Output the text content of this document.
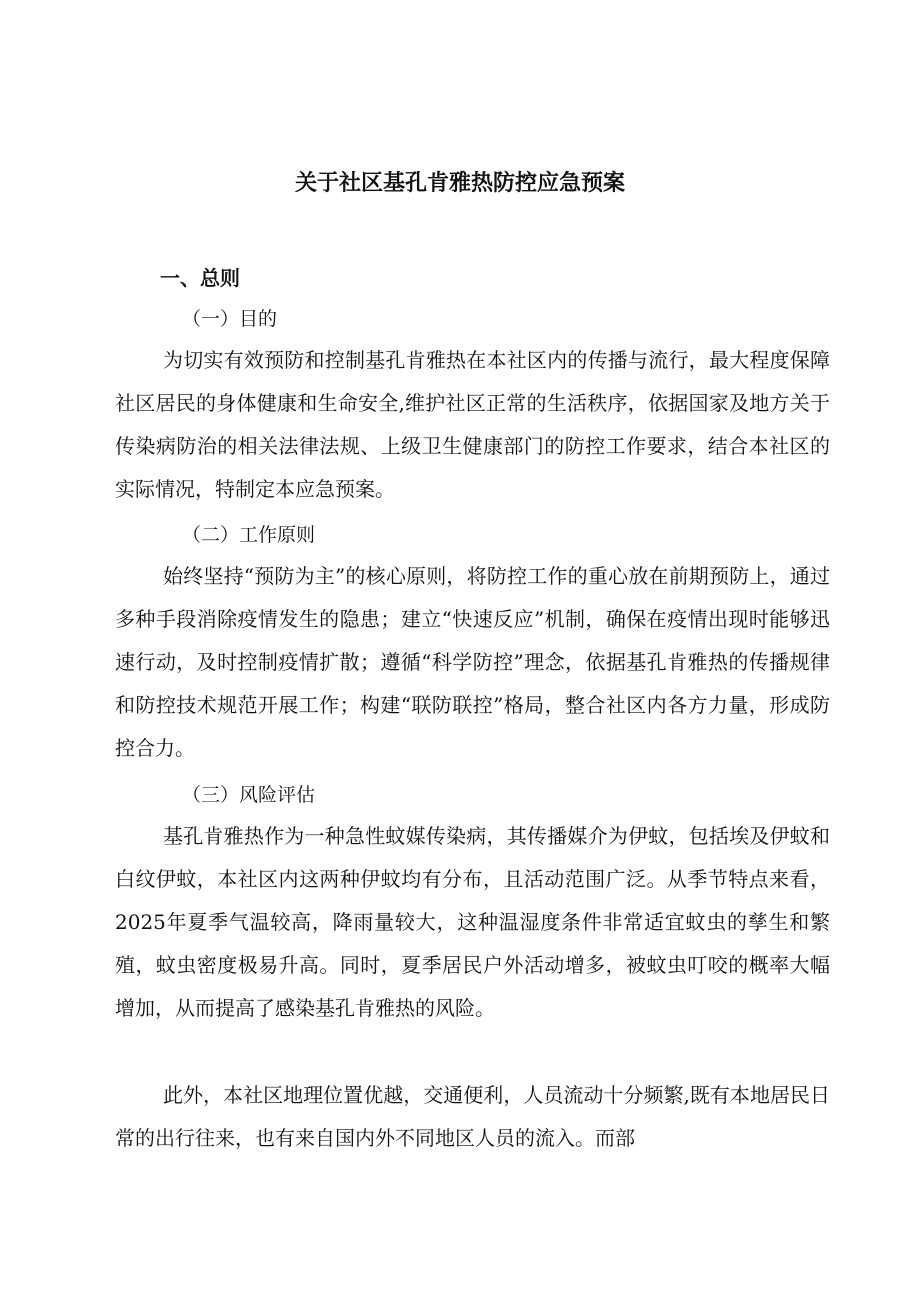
关于社区基孔肯雅热防控应急预案
一、总则
（一）目的

为切实有效预防和控制基孔肯雅热在本社区内的传播与流行，最大程度保障社区居民的身体健康和生命安全,维护社区正常的生活秩序，依据国家及地方关于传染病防治的相关法律法规、上级卫生健康部门的防控工作要求，结合本社区的实际情况，特制定本应急预案。

（二）工作原则

始终坚持“预防为主”的核心原则，将防控工作的重心放在前期预防上，通过多种手段消除疫情发生的隐患；建立“快速反应”机制，确保在疫情出现时能够迅速行动，及时控制疫情扩散；遵循“科学防控”理念，依据基孔肯雅热的传播规律和防控技术规范开展工作；构建“联防联控”格局，整合社区内各方力量，形成防控合力。

（三）风险评估

基孔肯雅热作为一种急性蚊媒传染病，其传播媒介为伊蚊，包括埃及伊蚊和白纹伊蚊，本社区内这两种伊蚊均有分布，且活动范围广泛。从季节特点来看，2025年夏季气温较高，降雨量较大，这种温湿度条件非常适宜蚊虫的孳生和繁殖，蚊虫密度极易升高。同时，夏季居民户外活动增多，被蚊虫叮咬的概率大幅增加，从而提高了感染基孔肯雅热的风险。

此外，本社区地理位置优越，交通便利，人员流动十分频繁,既有本地居民日常的出行往来，也有来自国内外不同地区人员的流入。而部
